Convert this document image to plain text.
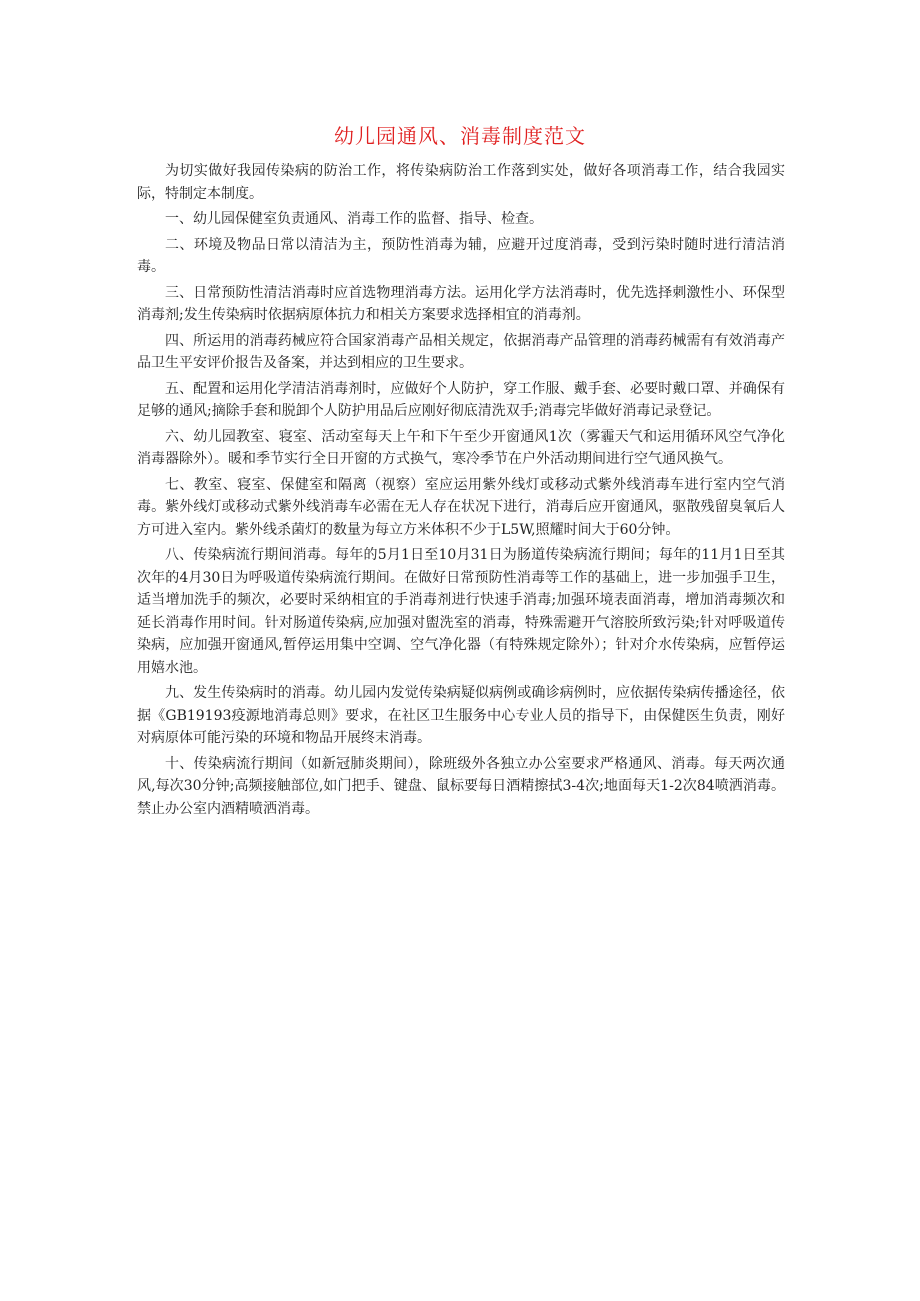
幼儿园通风、消毒制度范文

为切实做好我园传染病的防治工作，将传染病防治工作落到实处，做好各项消毒工作，结合我园实际，特制定本制度。

一、幼儿园保健室负责通风、消毒工作的监督、指导、检查。

二、环境及物品日常以清洁为主，预防性消毒为辅，应避开过度消毒，受到污染时随时进行清洁消毒。

三、日常预防性清洁消毒时应首选物理消毒方法。运用化学方法消毒时，优先选择刺激性小、环保型消毒剂;发生传染病时依据病原体抗力和相关方案要求选择相宜的消毒剂。

四、所运用的消毒药械应符合国家消毒产品相关规定，依据消毒产品管理的消毒药械需有有效消毒产品卫生平安评价报告及备案，并达到相应的卫生要求。

五、配置和运用化学清洁消毒剂时，应做好个人防护，穿工作服、戴手套、必要时戴口罩、并确保有足够的通风;摘除手套和脱卸个人防护用品后应刚好彻底清洗双手;消毒完毕做好消毒记录登记。

六、幼儿园教室、寝室、活动室每天上午和下午至少开窗通风1次（雾霾天气和运用循环风空气净化消毒器除外）。暖和季节实行全日开窗的方式换气，寒冷季节在户外活动期间进行空气通风换气。

七、教室、寝室、保健室和隔离（视察）室应运用紫外线灯或移动式紫外线消毒车进行室内空气消毒。紫外线灯或移动式紫外线消毒车必需在无人存在状况下进行，消毒后应开窗通风，驱散残留臭氧后人方可进入室内。紫外线杀菌灯的数量为每立方米体积不少于L5W,照耀时间大于60分钟。

八、传染病流行期间消毒。每年的5月1日至10月31日为肠道传染病流行期间；每年的11月1日至其次年的4月30日为呼吸道传染病流行期间。在做好日常预防性消毒等工作的基础上，进一步加强手卫生，适当增加洗手的频次，必要时采纳相宜的手消毒剂进行快速手消毒;加强环境表面消毒，增加消毒频次和延长消毒作用时间。针对肠道传染病,应加强对盥洗室的消毒，特殊需避开气溶胶所致污染;针对呼吸道传染病，应加强开窗通风,暂停运用集中空调、空气净化器（有特殊规定除外）；针对介水传染病，应暂停运用嬉水池。

九、发生传染病时的消毒。幼儿园内发觉传染病疑似病例或确诊病例时，应依据传染病传播途径，依据《GB19193疫源地消毒总则》要求，在社区卫生服务中心专业人员的指导下，由保健医生负责，刚好对病原体可能污染的环境和物品开展终末消毒。

十、传染病流行期间（如新冠肺炎期间），除班级外各独立办公室要求严格通风、消毒。每天两次通风,每次30分钟;高频接触部位,如门把手、键盘、鼠标要每日酒精擦拭3-4次;地面每天1-2次84喷洒消毒。禁止办公室内酒精喷洒消毒。
